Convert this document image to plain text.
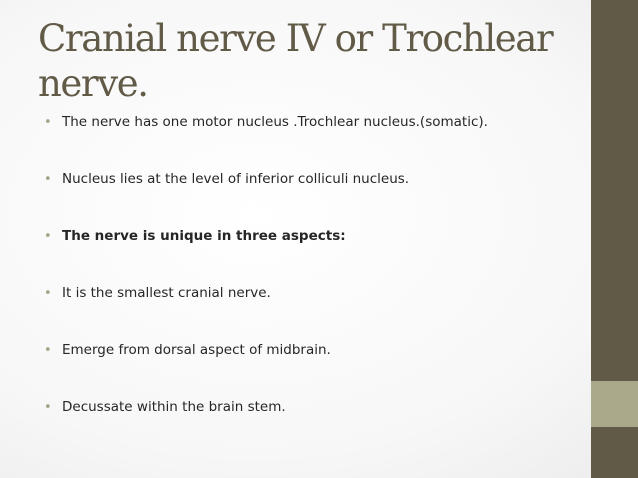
Cranial nerve IV or Trochlear nerve.
• The nerve has one motor nucleus .Trochlear nucleus.(somatic).
• Nucleus lies at the level of inferior colliculi nucleus.
• The nerve is unique in three aspects:
• It is the smallest cranial nerve.
• Emerge from dorsal aspect of midbrain.
• Decussate within the brain stem.
